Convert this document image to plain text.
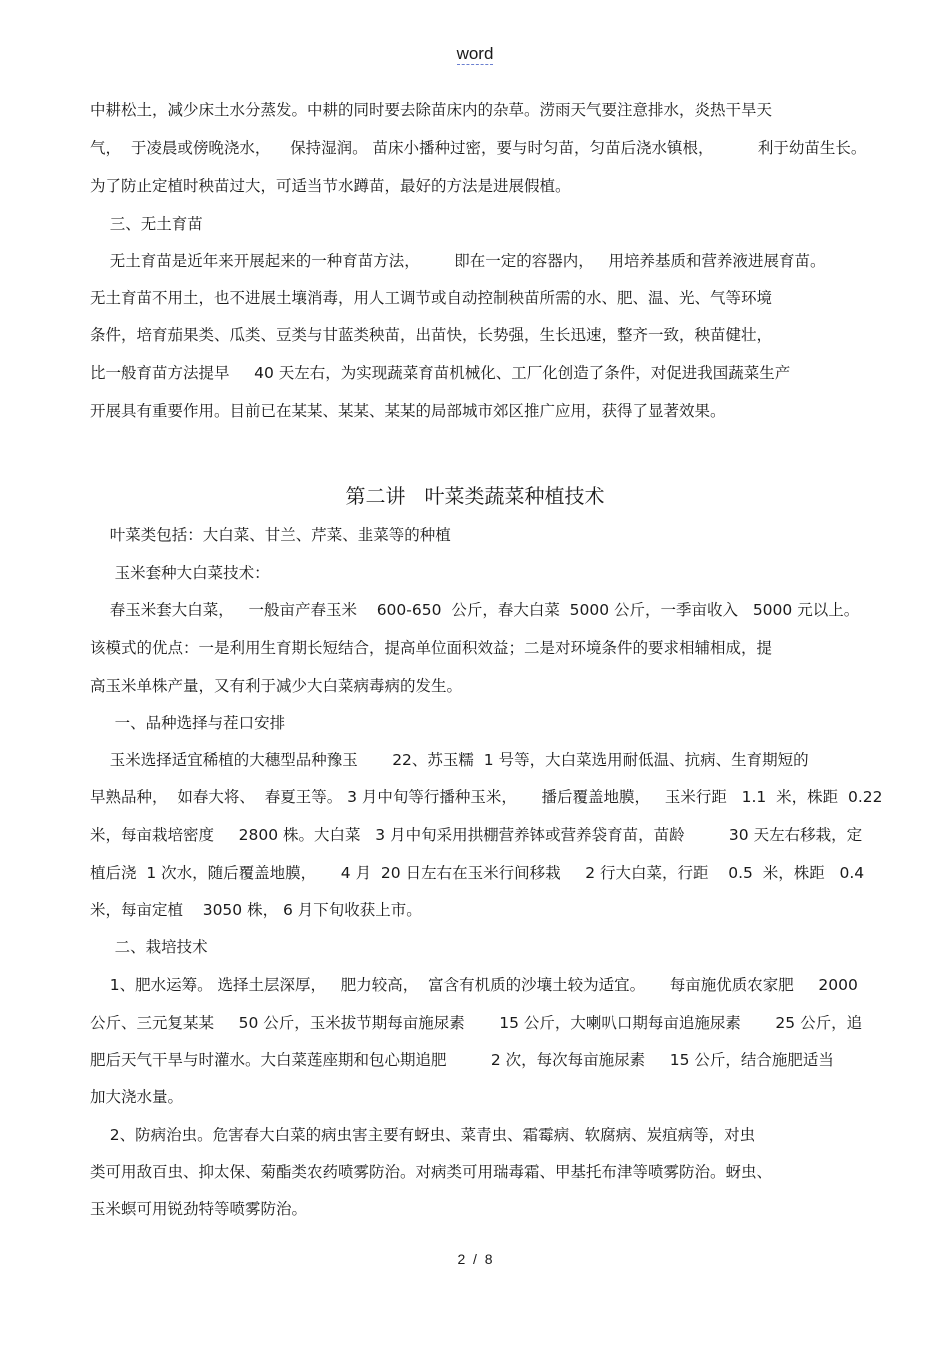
word
中耕松土，减少床土水分蒸发。中耕的同时要去除苗床内的杂草。涝雨天气要注意排水，炎热干旱天
气，  于凌晨或傍晚浇水，    保持湿润。 苗床小播种过密，要与时匀苗，匀苗后浇水镇根，         利于幼苗生长。
为了防止定植时秧苗过大，可适当节水蹲苗，最好的方法是进展假植。
三、无土育苗
无土育苗是近年来开展起来的一种育苗方法，       即在一定的容器内，   用培养基质和营养液进展育苗。
无土育苗不用土，也不进展土壤消毒，用人工调节或自动控制秧苗所需的水、肥、温、光、气等环境
条件，培育茄果类、瓜类、豆类与甘蓝类秧苗，出苗快，长势强，生长迅速，整齐一致，秧苗健壮，
比一般育苗方法提早     40 天左右，为实现蔬菜育苗机械化、工厂化创造了条件，对促进我国蔬菜生产
开展具有重要作用。目前已在某某、某某、某某的局部城市郊区推广应用，获得了显著效果。
第二讲   叶菜类蔬菜种植技术
叶菜类包括：大白菜、甘兰、芹菜、韭菜等的种植
玉米套种大白菜技术：
春玉米套大白菜，   一般亩产春玉米    600-650  公斤，春大白菜  5000 公斤，一季亩收入   5000 元以上。
该模式的优点：一是利用生育期长短结合，提高单位面积效益；二是对环境条件的要求相辅相成，提
高玉米单株产量，又有利于减少大白菜病毒病的发生。
一、品种选择与茬口安排
玉米选择适宜稀植的大穗型品种豫玉       22、苏玉糯  1 号等，大白菜选用耐低温、抗病、生育期短的
早熟品种，  如春大将、  春夏王等。 3 月中旬等行播种玉米，     播后覆盖地膜，   玉米行距   1.1  米，株距  0.22
米，每亩栽培密度     2800 株。大白菜   3 月中旬采用拱棚营养钵或营养袋育苗，苗龄         30 天左右移栽，定
植后浇  1 次水，随后覆盖地膜，     4 月  20 日左右在玉米行间移栽     2 行大白菜，行距    0.5  米，株距   0.4
米，每亩定植    3050 株， 6 月下旬收获上市。
二、栽培技术
1、肥水运筹。 选择土层深厚，   肥力较高，  富含有机质的沙壤土较为适宜。     每亩施优质农家肥     2000
公斤、三元复某某     50 公斤，玉米拔节期每亩施尿素       15 公斤，大喇叭口期每亩追施尿素       25 公斤，追
肥后天气干旱与时灌水。大白菜莲座期和包心期追肥         2 次，每次每亩施尿素     15 公斤，结合施肥适当
加大浇水量。
2、防病治虫。危害春大白菜的病虫害主要有蚜虫、菜青虫、霜霉病、软腐病、炭疽病等，对虫
类可用敌百虫、抑太保、菊酯类农药喷雾防治。对病类可用瑞毒霜、甲基托布津等喷雾防治。蚜虫、
玉米螟可用锐劲特等喷雾防治。
2  /  8
